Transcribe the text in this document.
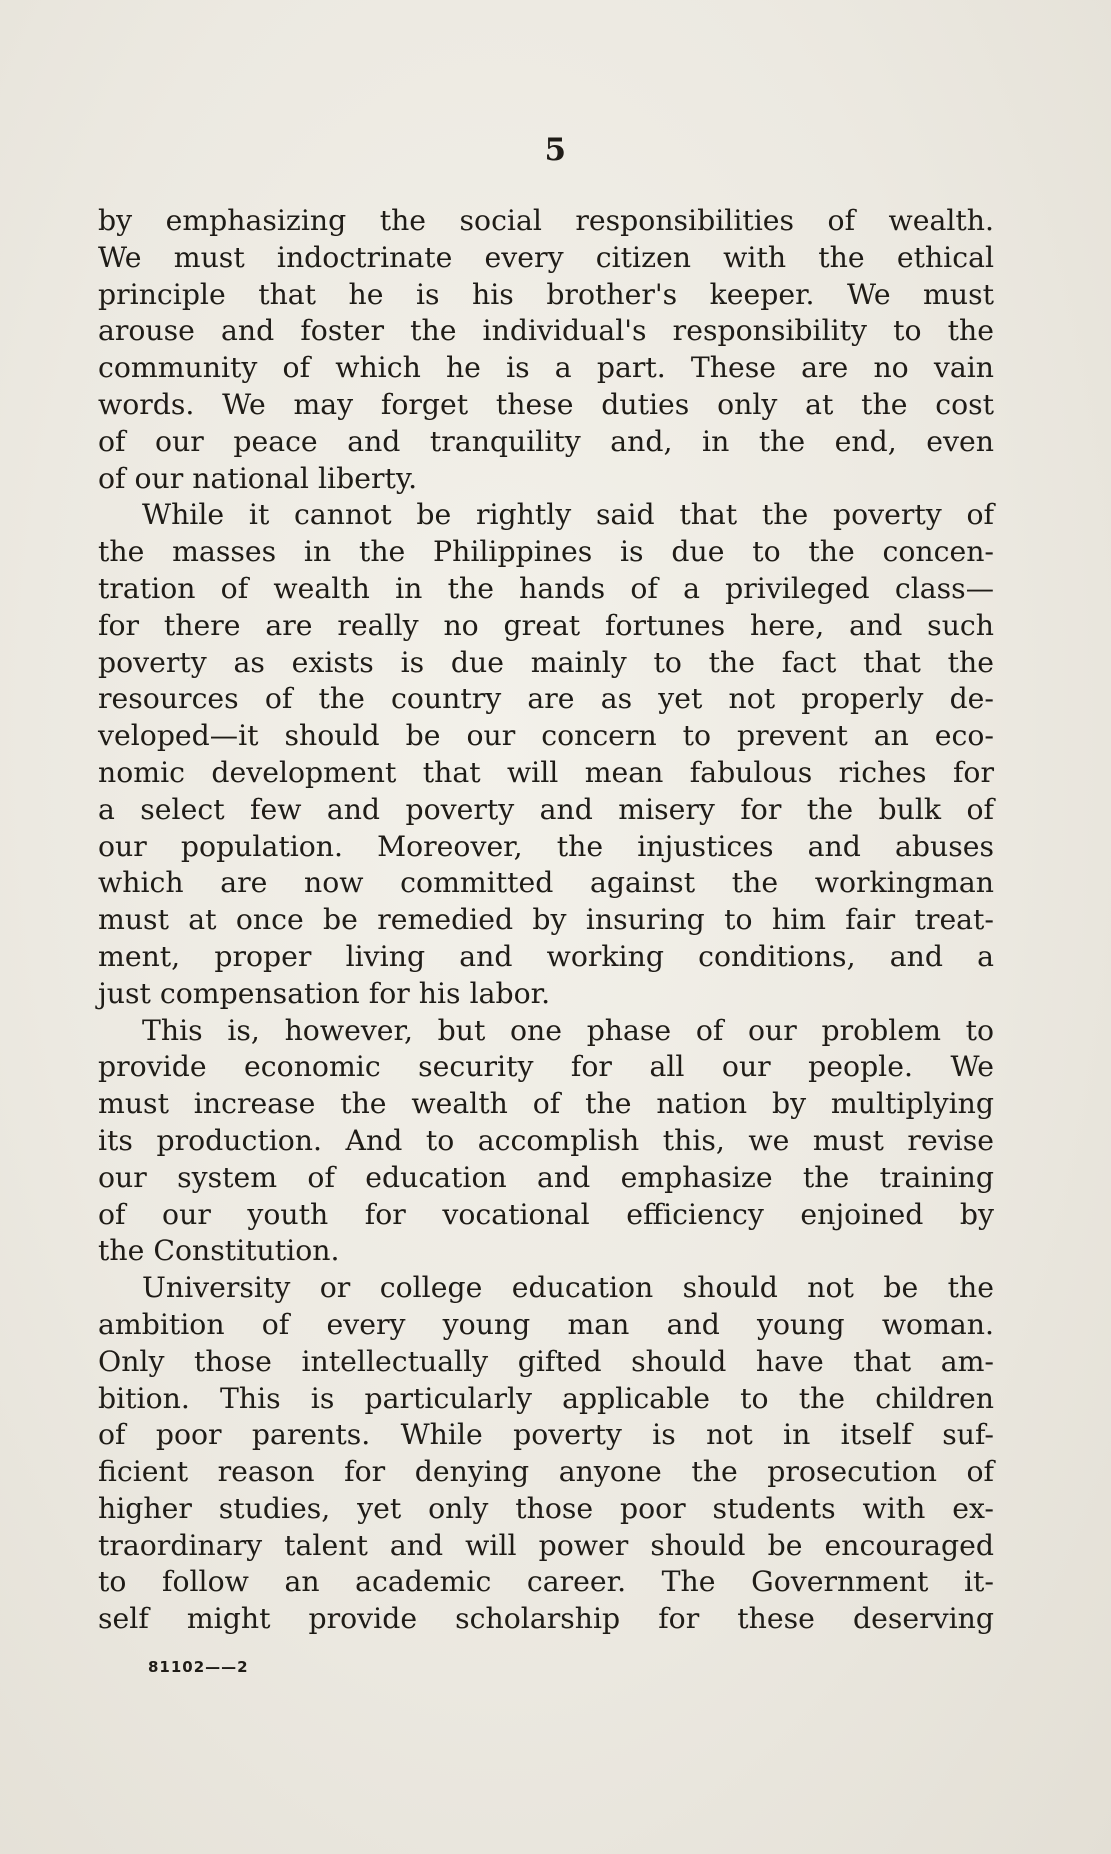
5

by emphasizing the social responsibilities of wealth.
We must indoctrinate every citizen with the ethical
principle that he is his brother's keeper. We must
arouse and foster the individual's responsibility to the
community of which he is a part. These are no vain
words. We may forget these duties only at the cost
of our peace and tranquility and, in the end, even
of our national liberty.

While it cannot be rightly said that the poverty of
the masses in the Philippines is due to the concen-
tration of wealth in the hands of a privileged class—
for there are really no great fortunes here, and such
poverty as exists is due mainly to the fact that the
resources of the country are as yet not properly de-
veloped—it should be our concern to prevent an eco-
nomic development that will mean fabulous riches for
a select few and poverty and misery for the bulk of
our population. Moreover, the injustices and abuses
which are now committed against the workingman
must at once be remedied by insuring to him fair treat-
ment, proper living and working conditions, and a
just compensation for his labor.

This is, however, but one phase of our problem to
provide economic security for all our people. We
must increase the wealth of the nation by multiplying
its production. And to accomplish this, we must revise
our system of education and emphasize the training
of our youth for vocational efficiency enjoined by
the Constitution.

University or college education should not be the
ambition of every young man and young woman.
Only those intellectually gifted should have that am-
bition. This is particularly applicable to the children
of poor parents. While poverty is not in itself suf-
ficient reason for denying anyone the prosecution of
higher studies, yet only those poor students with ex-
traordinary talent and will power should be encouraged
to follow an academic career. The Government it-
self might provide scholarship for these deserving

81102——2
